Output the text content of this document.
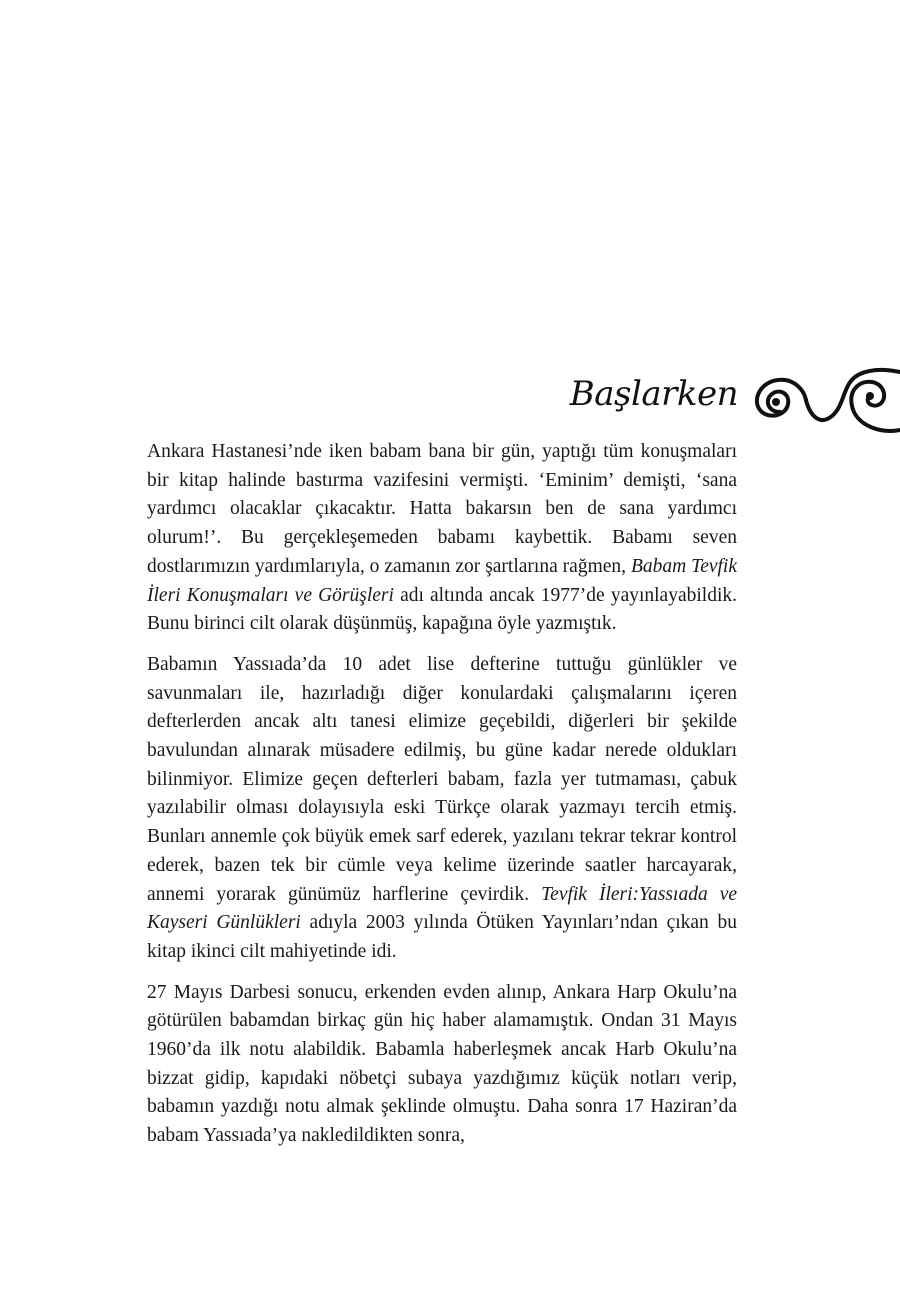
Başlarken

Ankara Hastanesi’nde iken babam bana bir gün, yaptığı tüm konuşmaları bir kitap halinde bastırma vazifesini vermişti. ‘Eminim’ demişti, ‘sana yardımcı olacaklar çıkacaktır. Hatta bakarsın ben de sana yardımcı olurum!’. Bu gerçekleşemeden babamı kaybettik. Babamı seven dostlarımızın yardımlarıyla, o zamanın zor şartlarına rağmen, Babam Tevfik İleri Konuşmaları ve Görüşleri adı altında ancak 1977’de yayınlayabildik. Bunu birinci cilt olarak düşünmüş, kapağına öyle yazmıştık.

Babamın Yassıada’da 10 adet lise defterine tuttuğu günlükler ve savunmaları ile, hazırladığı diğer konulardaki çalışmalarını içeren defterlerden ancak altı tanesi elimize geçebildi, diğerleri bir şekilde bavulundan alınarak müsadere edilmiş, bu güne kadar nerede oldukları bilinmiyor. Elimize geçen defterleri babam, fazla yer tutmaması, çabuk yazılabilir olması dolayısıyla eski Türkçe olarak yazmayı tercih etmiş. Bunları annemle çok büyük emek sarf ederek, yazılanı tekrar tekrar kontrol ederek, bazen tek bir cümle veya kelime üzerinde saatler harcayarak, annemi yorarak günümüz harflerine çevirdik. Tevfik İleri:Yassıada ve Kayseri Günlükleri adıyla 2003 yılında Ötüken Yayınları’ndan çıkan bu kitap ikinci cilt mahiyetinde idi.

27 Mayıs Darbesi sonucu, erkenden evden alınıp, Ankara Harp Okulu’na götürülen babamdan birkaç gün hiç haber alamamıştık. Ondan 31 Mayıs 1960’da ilk notu alabildik. Babamla haberleşmek ancak Harb Okulu’na bizzat gidip, kapıdaki nöbetçi subaya yazdığımız küçük notları verip, babamın yazdığı notu almak şeklinde olmuştu. Daha sonra 17 Haziran’da babam Yassıada’ya nakledildikten sonra,
